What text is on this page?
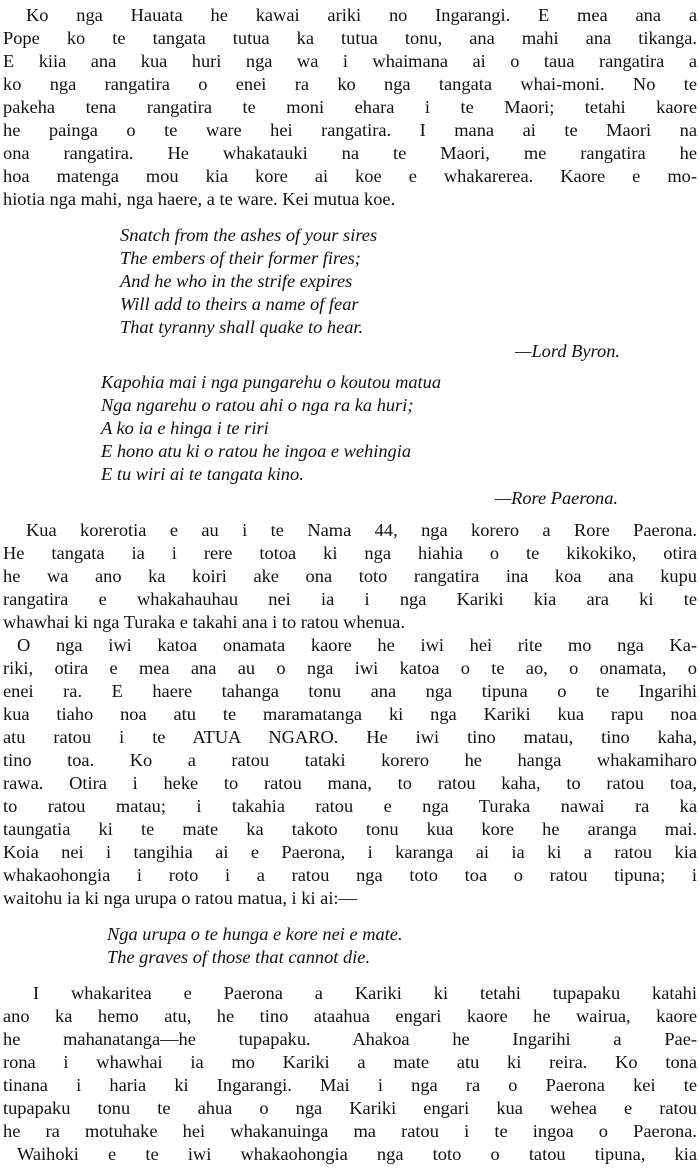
Ko nga Hauata he kawai ariki no Ingarangi. E mea ana a
Pope ko te tangata tutua ka tutua tonu, ana mahi ana tikanga.
E kiia ana kua huri nga wa i whaimana ai o taua rangatira a
ko nga rangatira o enei ra ko nga tangata whai-moni. No te
pakeha tena rangatira te moni ehara i te Maori; tetahi kaore
he painga o te ware hei rangatira. I mana ai te Maori na
ona rangatira. He whakatauki na te Maori, me rangatira he
hoa matenga mou kia kore ai koe e whakarerea. Kaore e mo-
hiotia nga mahi, nga haere, a te ware. Kei mutua koe.
Snatch from the ashes of your sires
The embers of their former fires;
And he who in the strife expires
Will add to theirs a name of fear
That tyranny shall quake to hear.
—Lord Byron.
Kapohia mai i nga pungarehu o koutou matua
Nga ngarehu o ratou ahi o nga ra ka huri;
A ko ia e hinga i te riri
E hono atu ki o ratou he ingoa e wehingia
E tu wiri ai te tangata kino.
—Rore Paerona.
Kua korerotia e au i te Nama 44, nga korero a Rore Paerona.
He tangata ia i rere totoa ki nga hiahia o te kikokiko, otira
he wa ano ka koiri ake ona toto rangatira ina koa ana kupu
rangatira e whakahauhau nei ia i nga Kariki kia ara ki te
whawhai ki nga Turaka e takahi ana i to ratou whenua.
O nga iwi katoa onamata kaore he iwi hei rite mo nga Ka-
riki, otira e mea ana au o nga iwi katoa o te ao, o onamata, o
enei ra. E haere tahanga tonu ana nga tipuna o te Ingarihi
kua tiaho noa atu te maramatanga ki nga Kariki kua rapu noa
atu ratou i te ATUA NGARO. He iwi tino matau, tino kaha,
tino toa. Ko a ratou tataki korero he hanga whakamiharo
rawa. Otira i heke to ratou mana, to ratou kaha, to ratou toa,
to ratou matau; i takahia ratou e nga Turaka nawai ra ka
taungatia ki te mate ka takoto tonu kua kore he aranga mai.
Koia nei i tangihia ai e Paerona, i karanga ai ia ki a ratou kia
whakaohongia i roto i a ratou nga toto toa o ratou tipuna; i
waitohu ia ki nga urupa o ratou matua, i ki ai:—
Nga urupa o te hunga e kore nei e mate.
The graves of those that cannot die.
I whakaritea e Paerona a Kariki ki tetahi tupapaku katahi
ano ka hemo atu, he tino ataahua engari kaore he wairua, kaore
he mahanatanga—he tupapaku. Ahakoa he Ingarihi a Pae-
rona i whawhai ia mo Kariki a mate atu ki reira. Ko tona
tinana i haria ki Ingarangi. Mai i nga ra o Paerona kei te
tupapaku tonu te ahua o nga Kariki engari kua wehea e ratou
he ra motuhake hei whakanuinga ma ratou i te ingoa o Paerona.
Waihoki e te iwi whakaohongia nga toto o tatou tipuna, kia
